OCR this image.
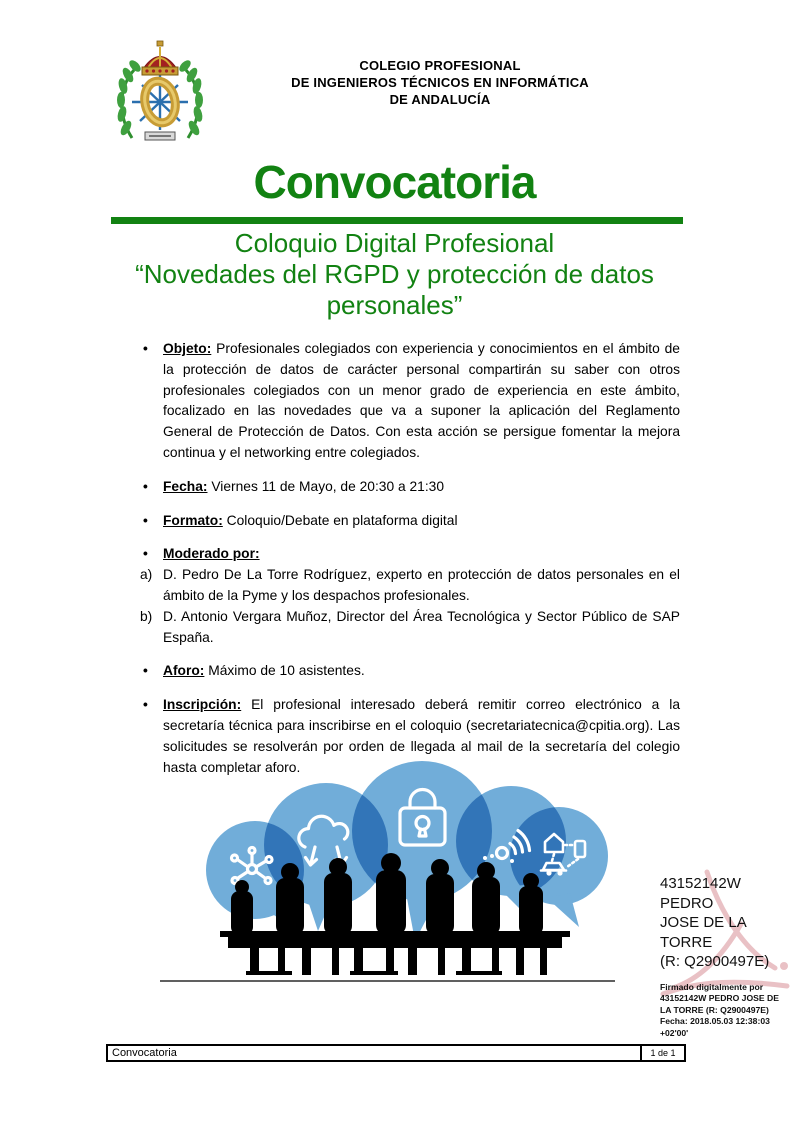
COLEGIO PROFESIONAL
DE INGENIEROS TÉCNICOS EN INFORMÁTICA
DE ANDALUCÍA
Convocatoria
Coloquio Digital Profesional
“Novedades del RGPD y protección de datos personales”
•	Objeto: Profesionales colegiados con experiencia y conocimientos en el ámbito de la protección de datos de carácter personal compartirán su saber con otros profesionales colegiados con un menor grado de experiencia en este ámbito, focalizado en las novedades que va a suponer la aplicación del Reglamento General de Protección de Datos. Con esta acción se persigue fomentar la mejora continua y el networking entre colegiados.
•	Fecha: Viernes 11 de Mayo, de 20:30 a 21:30
•	Formato: Coloquio/Debate en plataforma digital
•	Moderado por:
a) D. Pedro De La Torre Rodríguez, experto en protección de datos personales en el ámbito de la Pyme y los despachos profesionales.
b) D. Antonio Vergara Muñoz, Director del Área Tecnológica y Sector Público de SAP España.
•	Aforo: Máximo de 10 asistentes.
•	Inscripción: El profesional interesado deberá remitir correo electrónico a la secretaría técnica para inscribirse en el coloquio (secretariatecnica@cpitia.org). Las solicitudes se resolverán por orden de llegada al mail de la secretaría del colegio hasta completar aforo.
43152142W PEDRO
JOSE DE LA TORRE
(R: Q2900497E)
Firmado digitalmente por
43152142W PEDRO JOSE DE
LA TORRE (R: Q2900497E)
Fecha: 2018.05.03 12:38:03
+02'00'
Convocatoria	1 de 1
